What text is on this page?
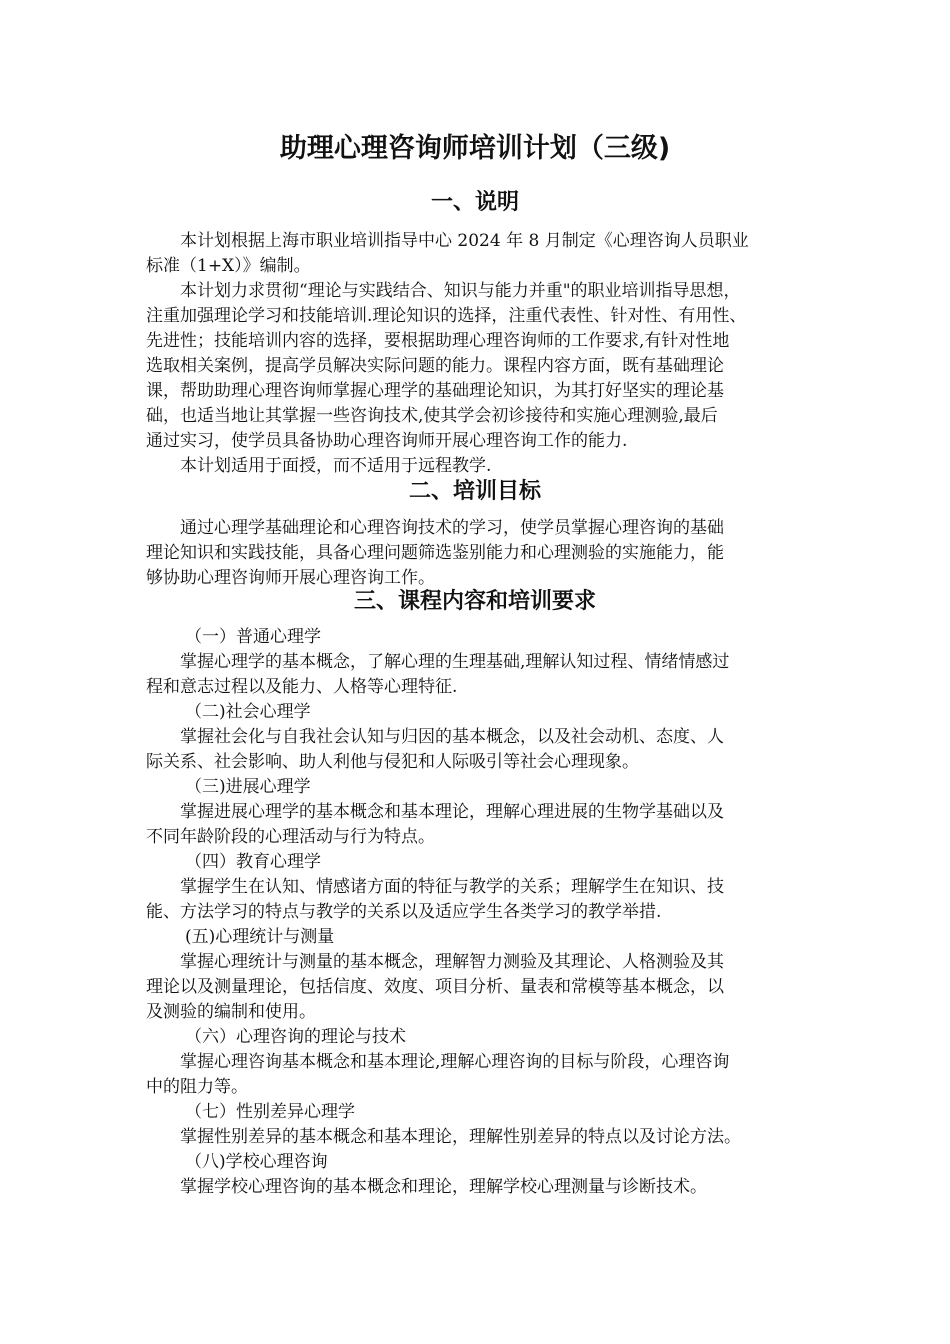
助理心理咨询师培训计划（三级)
一、说明
本计划根据上海市职业培训指导中心 2024 年 8 月制定《心理咨询人员职业
标准（1+X）》编制。
本计划力求贯彻“理论与实践结合、知识与能力并重"的职业培训指导思想，
注重加强理论学习和技能培训.理论知识的选择，注重代表性、针对性、有用性、
先进性；技能培训内容的选择，要根据助理心理咨询师的工作要求,有针对性地
选取相关案例，提高学员解决实际问题的能力。课程内容方面，既有基础理论
课，帮助助理心理咨询师掌握心理学的基础理论知识，为其打好坚实的理论基
础，也适当地让其掌握一些咨询技术,使其学会初诊接待和实施心理测验,最后
通过实习，使学员具备协助心理咨询师开展心理咨询工作的能力.
本计划适用于面授，而不适用于远程教学.
二、培训目标
通过心理学基础理论和心理咨询技术的学习，使学员掌握心理咨询的基础
理论知识和实践技能，具备心理问题筛选鉴别能力和心理测验的实施能力，能
够协助心理咨询师开展心理咨询工作。
三、课程内容和培训要求
（一）普通心理学
掌握心理学的基本概念，了解心理的生理基础,理解认知过程、情绪情感过
程和意志过程以及能力、人格等心理特征.
（二)社会心理学
掌握社会化与自我社会认知与归因的基本概念，以及社会动机、态度、人
际关系、社会影响、助人利他与侵犯和人际吸引等社会心理现象。
（三)进展心理学
掌握进展心理学的基本概念和基本理论，理解心理进展的生物学基础以及
不同年龄阶段的心理活动与行为特点。
（四）教育心理学
掌握学生在认知、情感诸方面的特征与教学的关系；理解学生在知识、技
能、方法学习的特点与教学的关系以及适应学生各类学习的教学举措.
(五)心理统计与测量
掌握心理统计与测量的基本概念，理解智力测验及其理论、人格测验及其
理论以及测量理论，包括信度、效度、项目分析、量表和常模等基本概念，以
及测验的编制和使用。
（六）心理咨询的理论与技术
掌握心理咨询基本概念和基本理论,理解心理咨询的目标与阶段，心理咨询
中的阻力等。
（七）性别差异心理学
掌握性别差异的基本概念和基本理论，理解性别差异的特点以及讨论方法。
（八)学校心理咨询
掌握学校心理咨询的基本概念和理论，理解学校心理测量与诊断技术。
